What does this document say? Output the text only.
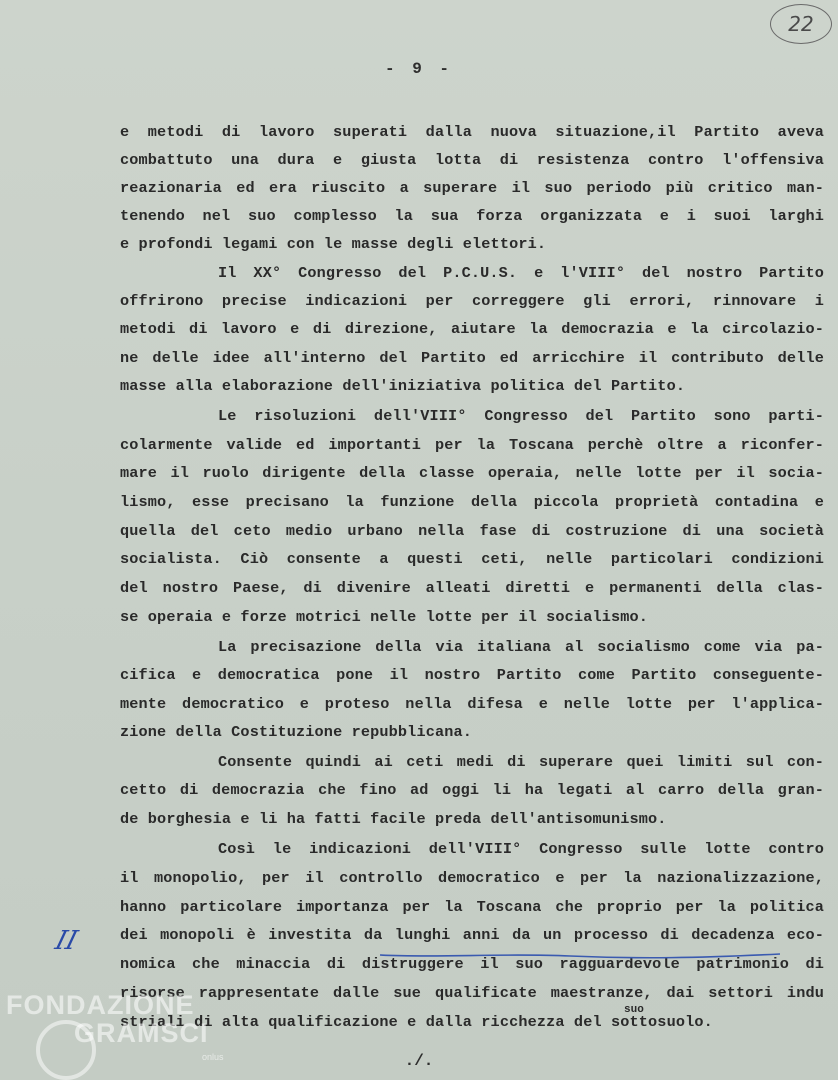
22
- 9 -
e metodi di lavoro superati dalla nuova situazione,il Partito aveva
combattuto una dura e giusta lotta di resistenza contro l'offensiva
reazionaria ed era riuscito a superare il suo periodo più critico man-
tenendo nel suo complesso la sua forza organizzata e i suoi larghi
e profondi legami con le masse degli elettori.
Il XX° Congresso del P.C.U.S. e l'VIII° del nostro Partito
offrirono precise indicazioni per correggere gli errori, rinnovare i
metodi di lavoro e di direzione, aiutare la democrazia e la circolazio-
ne delle idee all'interno del Partito ed arricchire il contributo delle
masse alla elaborazione dell'iniziativa politica del Partito.
Le risoluzioni dell'VIII° Congresso del Partito sono parti-
colarmente valide ed importanti per la Toscana perchè oltre a riconfer-
mare il ruolo dirigente della classe operaia, nelle lotte per il socia-
lismo, esse precisano la funzione della piccola proprietà contadina e
quella del ceto medio urbano nella fase di costruzione di una società
socialista. Ciò consente a questi ceti, nelle particolari condizioni
del nostro Paese, di divenire alleati diretti e permanenti della clas-
se operaia e forze motrici nelle lotte per il socialismo.
La precisazione della via italiana al socialismo come via pa-
cifica e democratica pone il nostro Partito come Partito conseguente-
mente democratico e proteso nella difesa e nelle lotte per l'applica-
zione della Costituzione repubblicana.
Consente quindi ai ceti medi di superare quei limiti sul con-
cetto di democrazia che fino ad oggi li ha legati al carro della gran-
de borghesia e li ha fatti facile preda dell'antisomunismo.
Così le indicazioni dell'VIII° Congresso sulle lotte contro
il monopolio, per il controllo democratico e per la nazionalizzazione,
hanno particolare importanza per la Toscana che proprio per la politica
dei monopoli è investita da lunghi anni da un processo di decadenza eco-
nomica che minaccia di distruggere il suo ragguardevole patrimonio di
risorse rappresentate dalle sue qualificate maestranze, dai settori indu
striali di alta qualificazione e dalla ricchezza del sottosuolo.
suo
II
./.
FONDAZIONE
GRAMSCI
onlus
